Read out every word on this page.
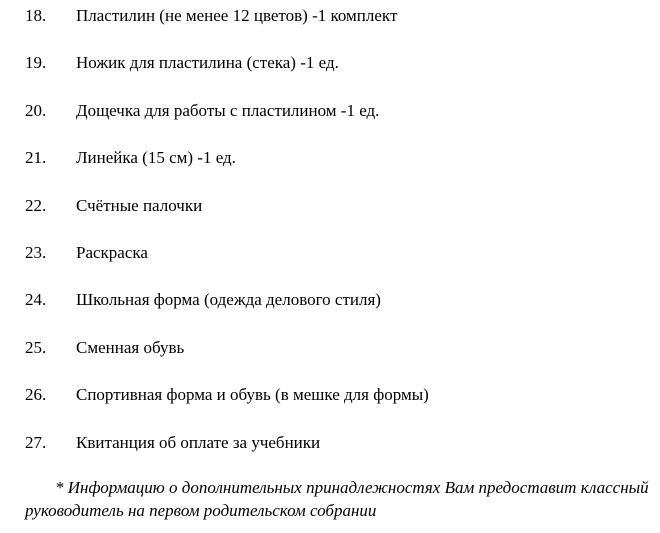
18. Пластилин (не менее 12 цветов) -1 комплект
19. Ножик для пластилина (стека) -1 ед.
20. Дощечка для работы с пластилином -1 ед.
21. Линейка (15 см) -1 ед.
22. Счётные палочки
23. Раскраска
24. Школьная форма (одежда делового стиля)
25. Сменная обувь
26. Спортивная форма и обувь (в мешке для формы)
27. Квитанция об оплате за учебники

* Информацию о дополнительных принадлежностях Вам предоставит классный руководитель на первом родительском собрании
